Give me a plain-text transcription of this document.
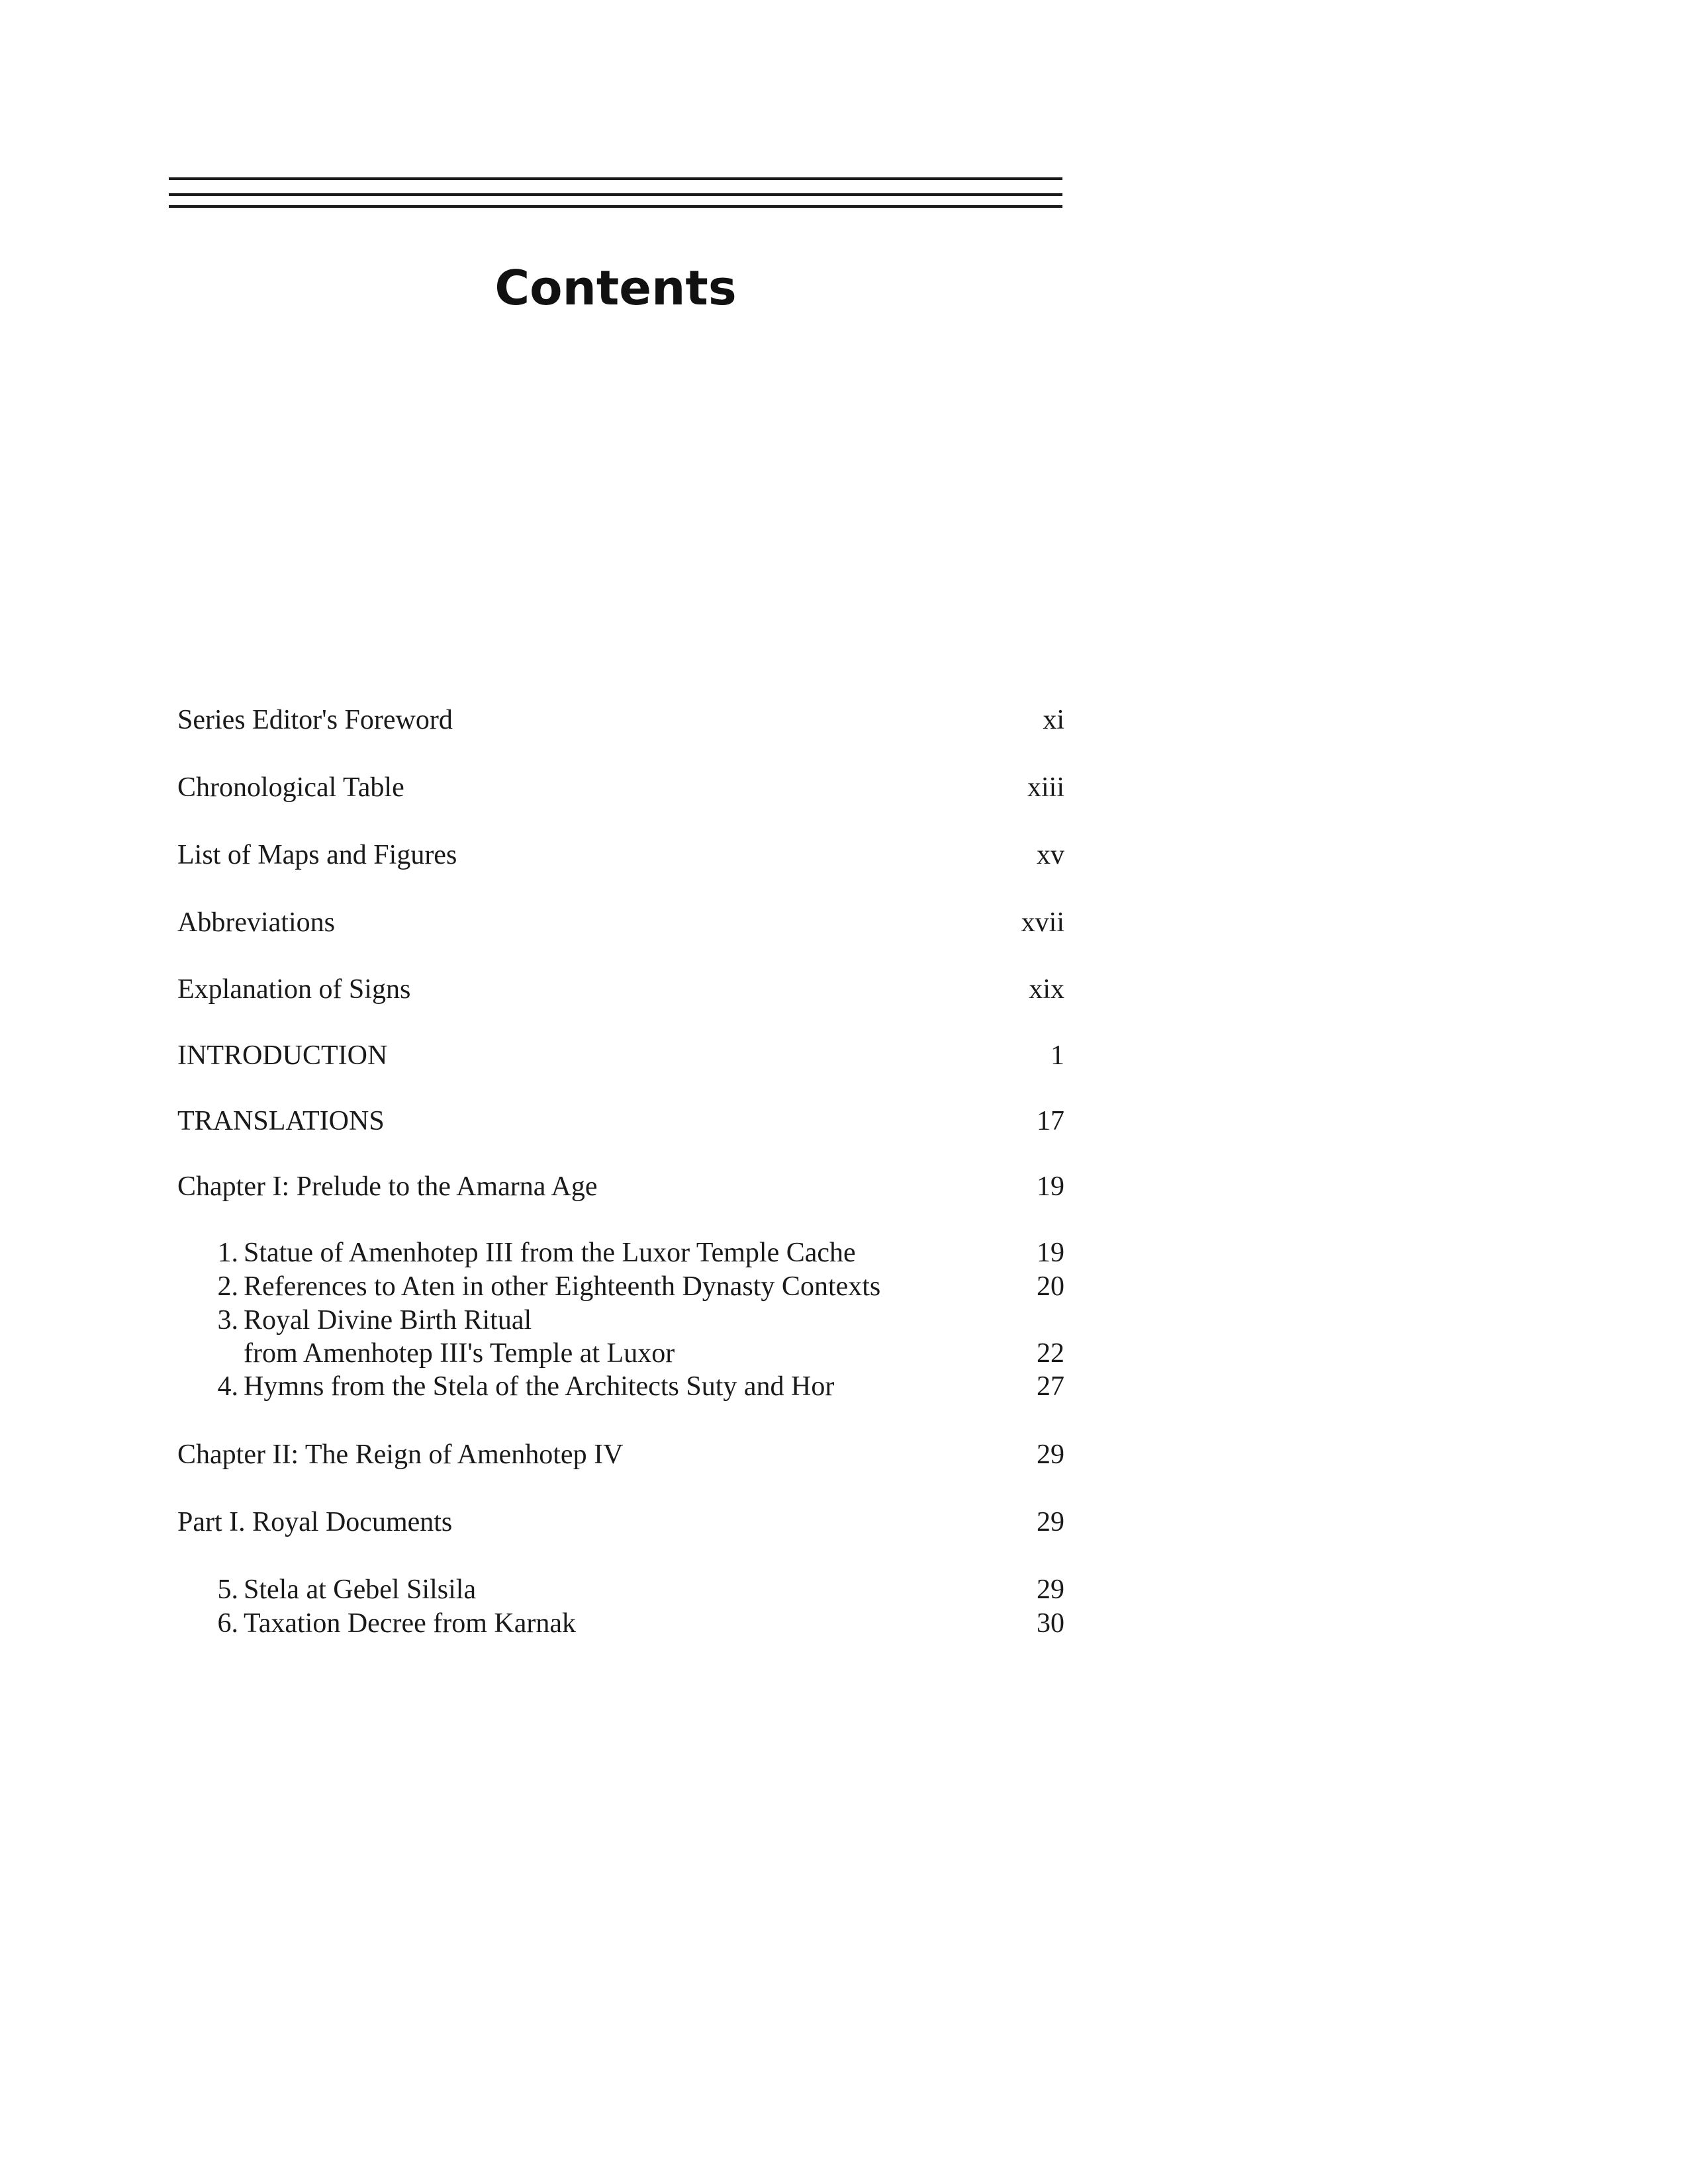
Contents
Series Editor's Foreword	xi
Chronological Table	xiii
List of Maps and Figures	xv
Abbreviations	xvii
Explanation of Signs	xix
INTRODUCTION	1
TRANSLATIONS	17
Chapter I: Prelude to the Amarna Age	19
1. Statue of Amenhotep III from the Luxor Temple Cache	19
2. References to Aten in other Eighteenth Dynasty Contexts	20
3. Royal Divine Birth Ritual
from Amenhotep III's Temple at Luxor	22
4. Hymns from the Stela of the Architects Suty and Hor	27
Chapter II: The Reign of Amenhotep IV	29
Part I. Royal Documents	29
5. Stela at Gebel Silsila	29
6. Taxation Decree from Karnak	30
